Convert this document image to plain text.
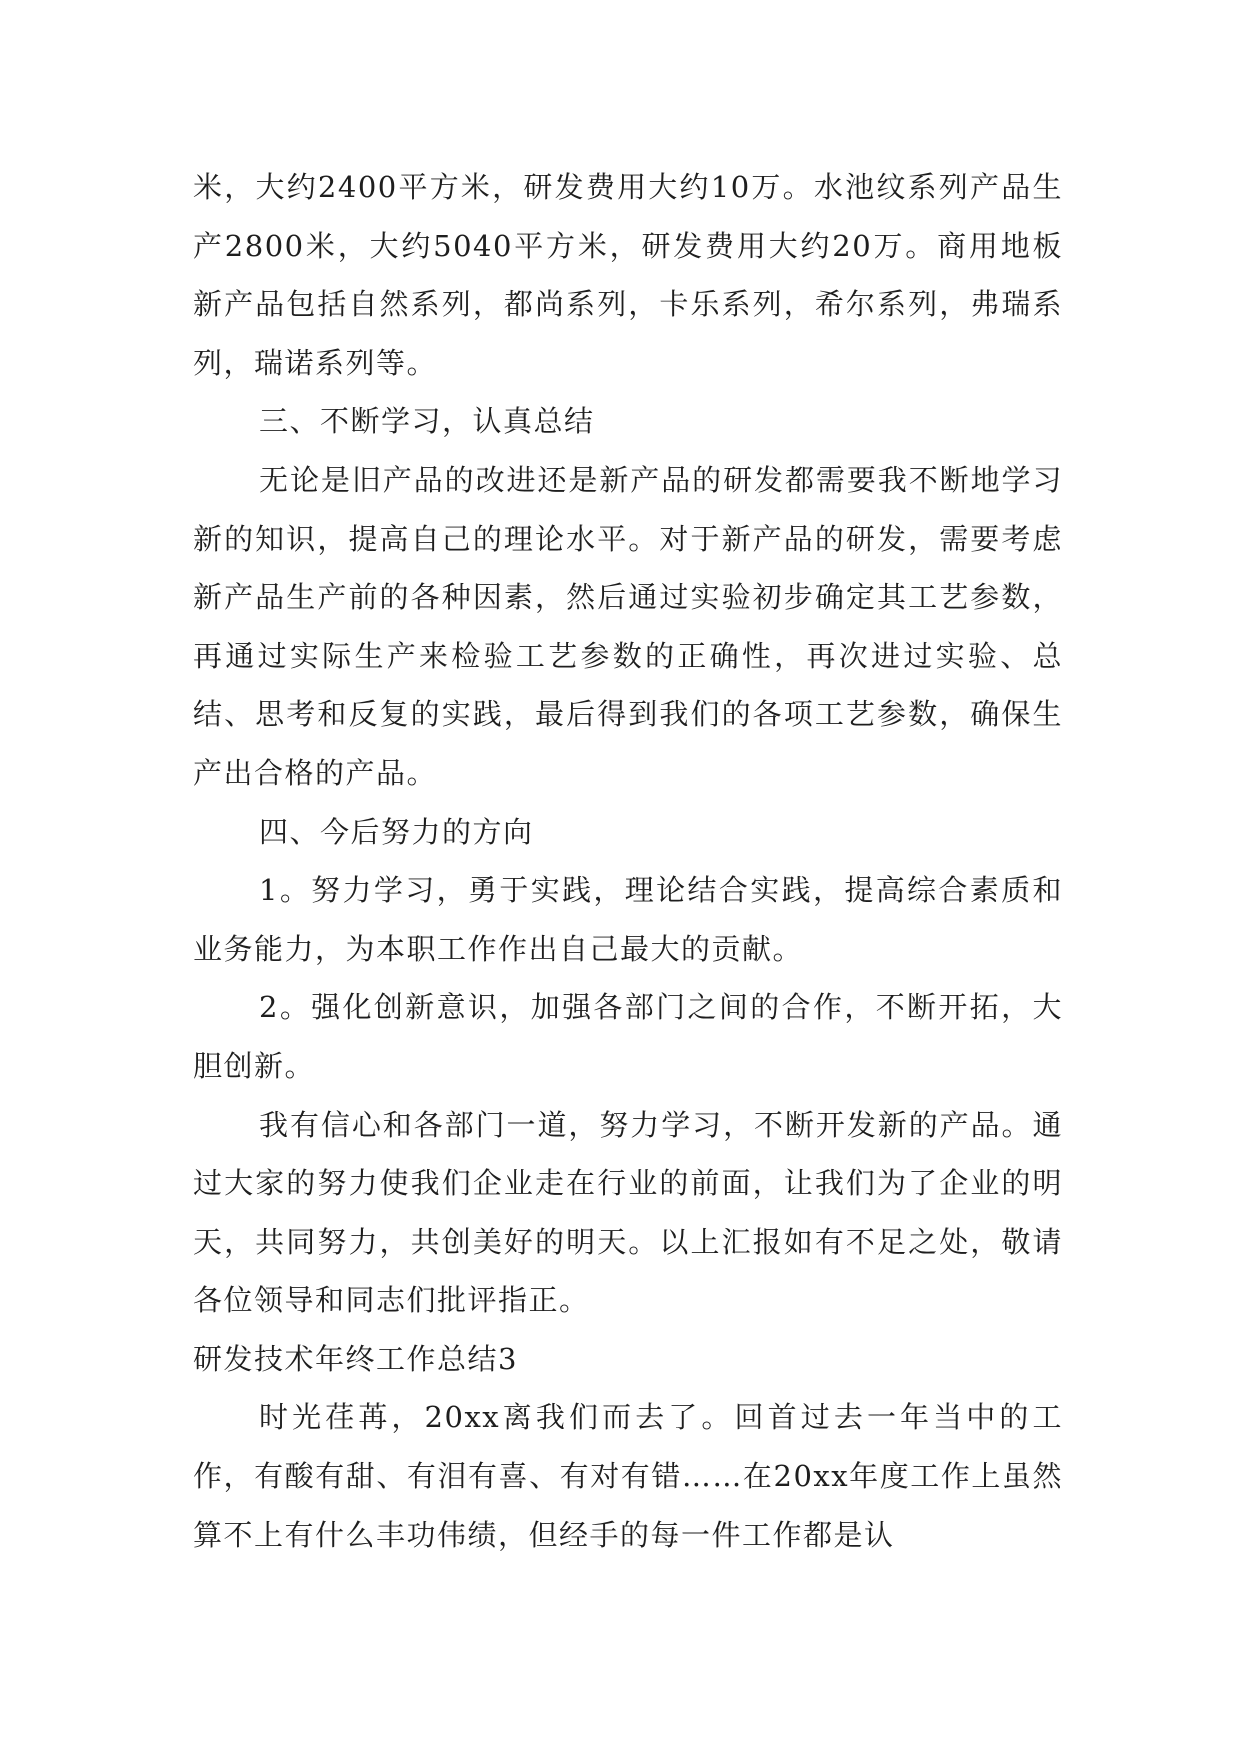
米，大约2400平方米，研发费用大约10万。水池纹系列产品生产2800米，大约5040平方米，研发费用大约20万。商用地板新产品包括自然系列，都尚系列，卡乐系列，希尔系列，弗瑞系列，瑞诺系列等。

三、不断学习，认真总结

无论是旧产品的改进还是新产品的研发都需要我不断地学习新的知识，提高自己的理论水平。对于新产品的研发，需要考虑新产品生产前的各种因素，然后通过实验初步确定其工艺参数，再通过实际生产来检验工艺参数的正确性，再次进过实验、总结、思考和反复的实践，最后得到我们的各项工艺参数，确保生产出合格的产品。

四、今后努力的方向

1。努力学习，勇于实践，理论结合实践，提高综合素质和业务能力，为本职工作作出自己最大的贡献。

2。强化创新意识，加强各部门之间的合作，不断开拓，大胆创新。

我有信心和各部门一道，努力学习，不断开发新的产品。通过大家的努力使我们企业走在行业的前面，让我们为了企业的明天，共同努力，共创美好的明天。以上汇报如有不足之处，敬请各位领导和同志们批评指正。

研发技术年终工作总结3

时光荏苒，20xx离我们而去了。回首过去一年当中的工作，有酸有甜、有泪有喜、有对有错……在20xx年度工作上虽然算不上有什么丰功伟绩，但经手的每一件工作都是认
